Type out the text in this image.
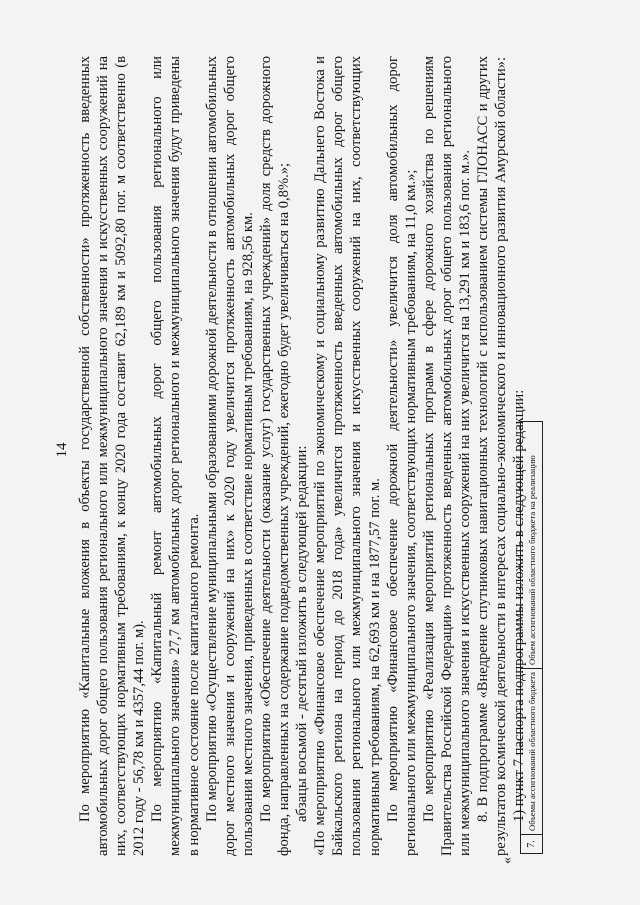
14 По мероприятию «Капитальные вложения в объекты государственной собственности» протяженность введенных автомобильных дорог общего пользования регионального или межмуниципального значения и искусственных сооружений на них, соответствующих нормативным требованиям, к концу 2020 года составит 62,189 км и 5092,80 пог. м соответственно (в 2012 году - 56,78 км и 4357,44 пог. м). По мероприятию «Капитальный ремонт автомобильных дорог общего пользования регионального или межмуниципального значения» 27,7 км автомобильных дорог регионального и межмуниципального значения будут приведены в нормативное состояние после капитального ремонта. По мероприятию «Осуществление муниципальными образованиями дорожной деятельности в отношении автомобильных дорог местного значения и сооружений на них» к 2020 году увеличится протяженность автомобильных дорог общего пользования местного значения, приведенных в соответствие нормативным требованиям, на 928,56 км. По мероприятию «Обеспечение деятельности (оказание услуг) государственных учреждений» доля средств дорожного фонда, направленных на содержание подведомственных учреждений, ежегодно будет увеличиваться на 0,8%.»; абзацы восьмой - десятый изложить в следующей редакции: «По мероприятию «Финансовое обеспечение мероприятий по экономическому и социальному развитию Дальнего Востока и Байкальского региона на период до 2018 года» увеличится протяженность введенных автомобильных дорог общего пользования регионального или межмуниципального значения и искусственных сооружений на них, соответствующих нормативным требованиям, на 62,693 км и на 1877,57 пог. м. По мероприятию «Финансовое обеспечение дорожной деятельности» увеличится доля автомобильных дорог регионального или межмуниципального значения, соответствующих нормативным требованиям, на 11,0 км.»; По мероприятию «Реализация мероприятий региональных программ в сфере дорожного хозяйства по решениям Правительства Российской Федерации» протяженность введенных автомобильных дорог общего пользования регионального или межмуниципального значения и искусственных сооружений на них увеличится на 13,291 км и 183,6 пог. м.». 8. В подпрограмме «Внедрение спутниковых навигационных технологий с использованием системы ГЛОНАСС и других результатов космической деятельности в интересах социально-экономического и инновационного развития Амурской области»: 1) пункт 7 паспорта подпрограммы изложить в следующей редакции:

«
7.	Объемы ассигнований областного бюджета	Объем ассигнований областного бюджета на реализацию
